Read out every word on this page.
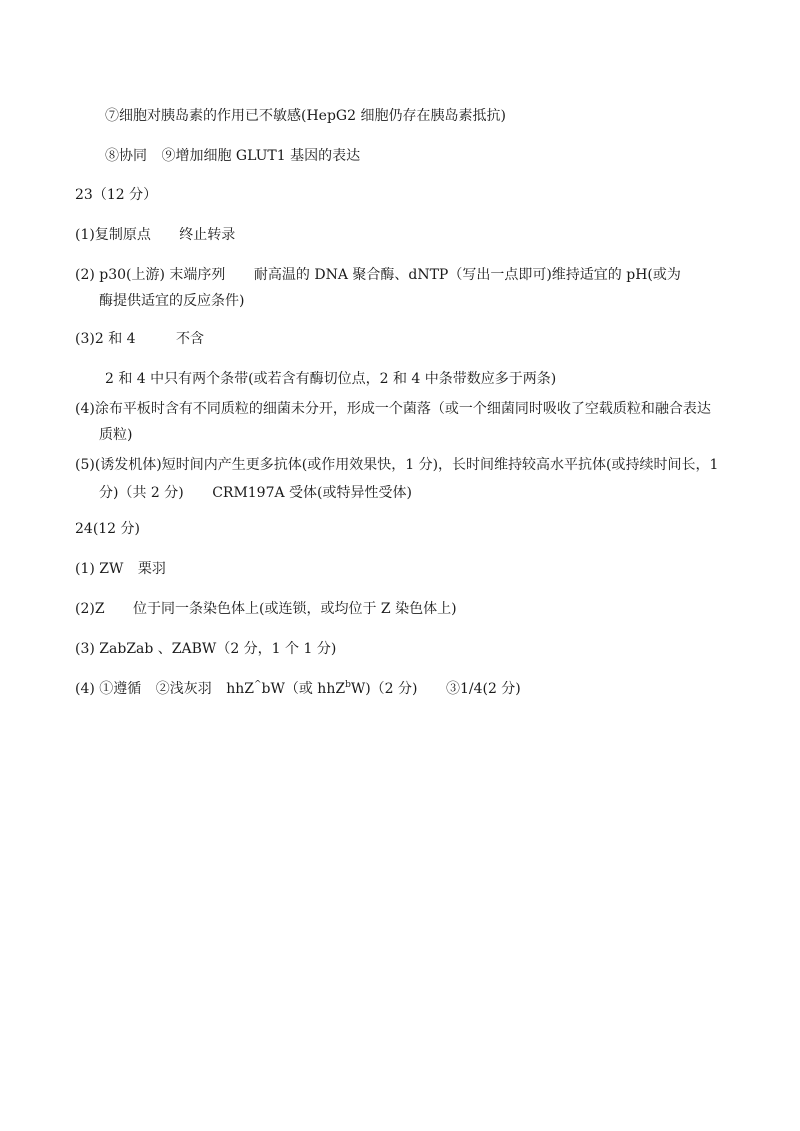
⑦细胞对胰岛素的作用已不敏感(HepG2 细胞仍存在胰岛素抵抗)
⑧协同 ⑨增加细胞 GLUT1 基因的表达
23（12 分）
(1)复制原点 终止转录
(2) p30(上游) 末端序列 耐高温的 DNA 聚合酶、dNTP（写出一点即可)维持适宜的 pH(或为
酶提供适宜的反应条件)
(3)2 和 4	不含
2 和 4 中只有两个条带(或若含有酶切位点，2 和 4 中条带数应多于两条)
(4)涂布平板时含有不同质粒的细菌未分开，形成一个菌落（或一个细菌同时吸收了空载质粒和融合表达
质粒)
(5)(诱发机体)短时间内产生更多抗体(或作用效果快，1 分)，长时间维持较高水平抗体(或持续时间长，1
分)（共 2 分) CRM197A 受体(或特异性受体)
24(12 分)
(1) ZW 栗羽
(2)Z 位于同一条染色体上(或连锁，或均位于 Z 染色体上)
(3) ZabZab 、ZABW（2 分，1 个 1 分)
(4) ①遵循 ②浅灰羽 hhZ^bW（或 hhZ$^b$W)（2 分) ③1/4(2 分)
